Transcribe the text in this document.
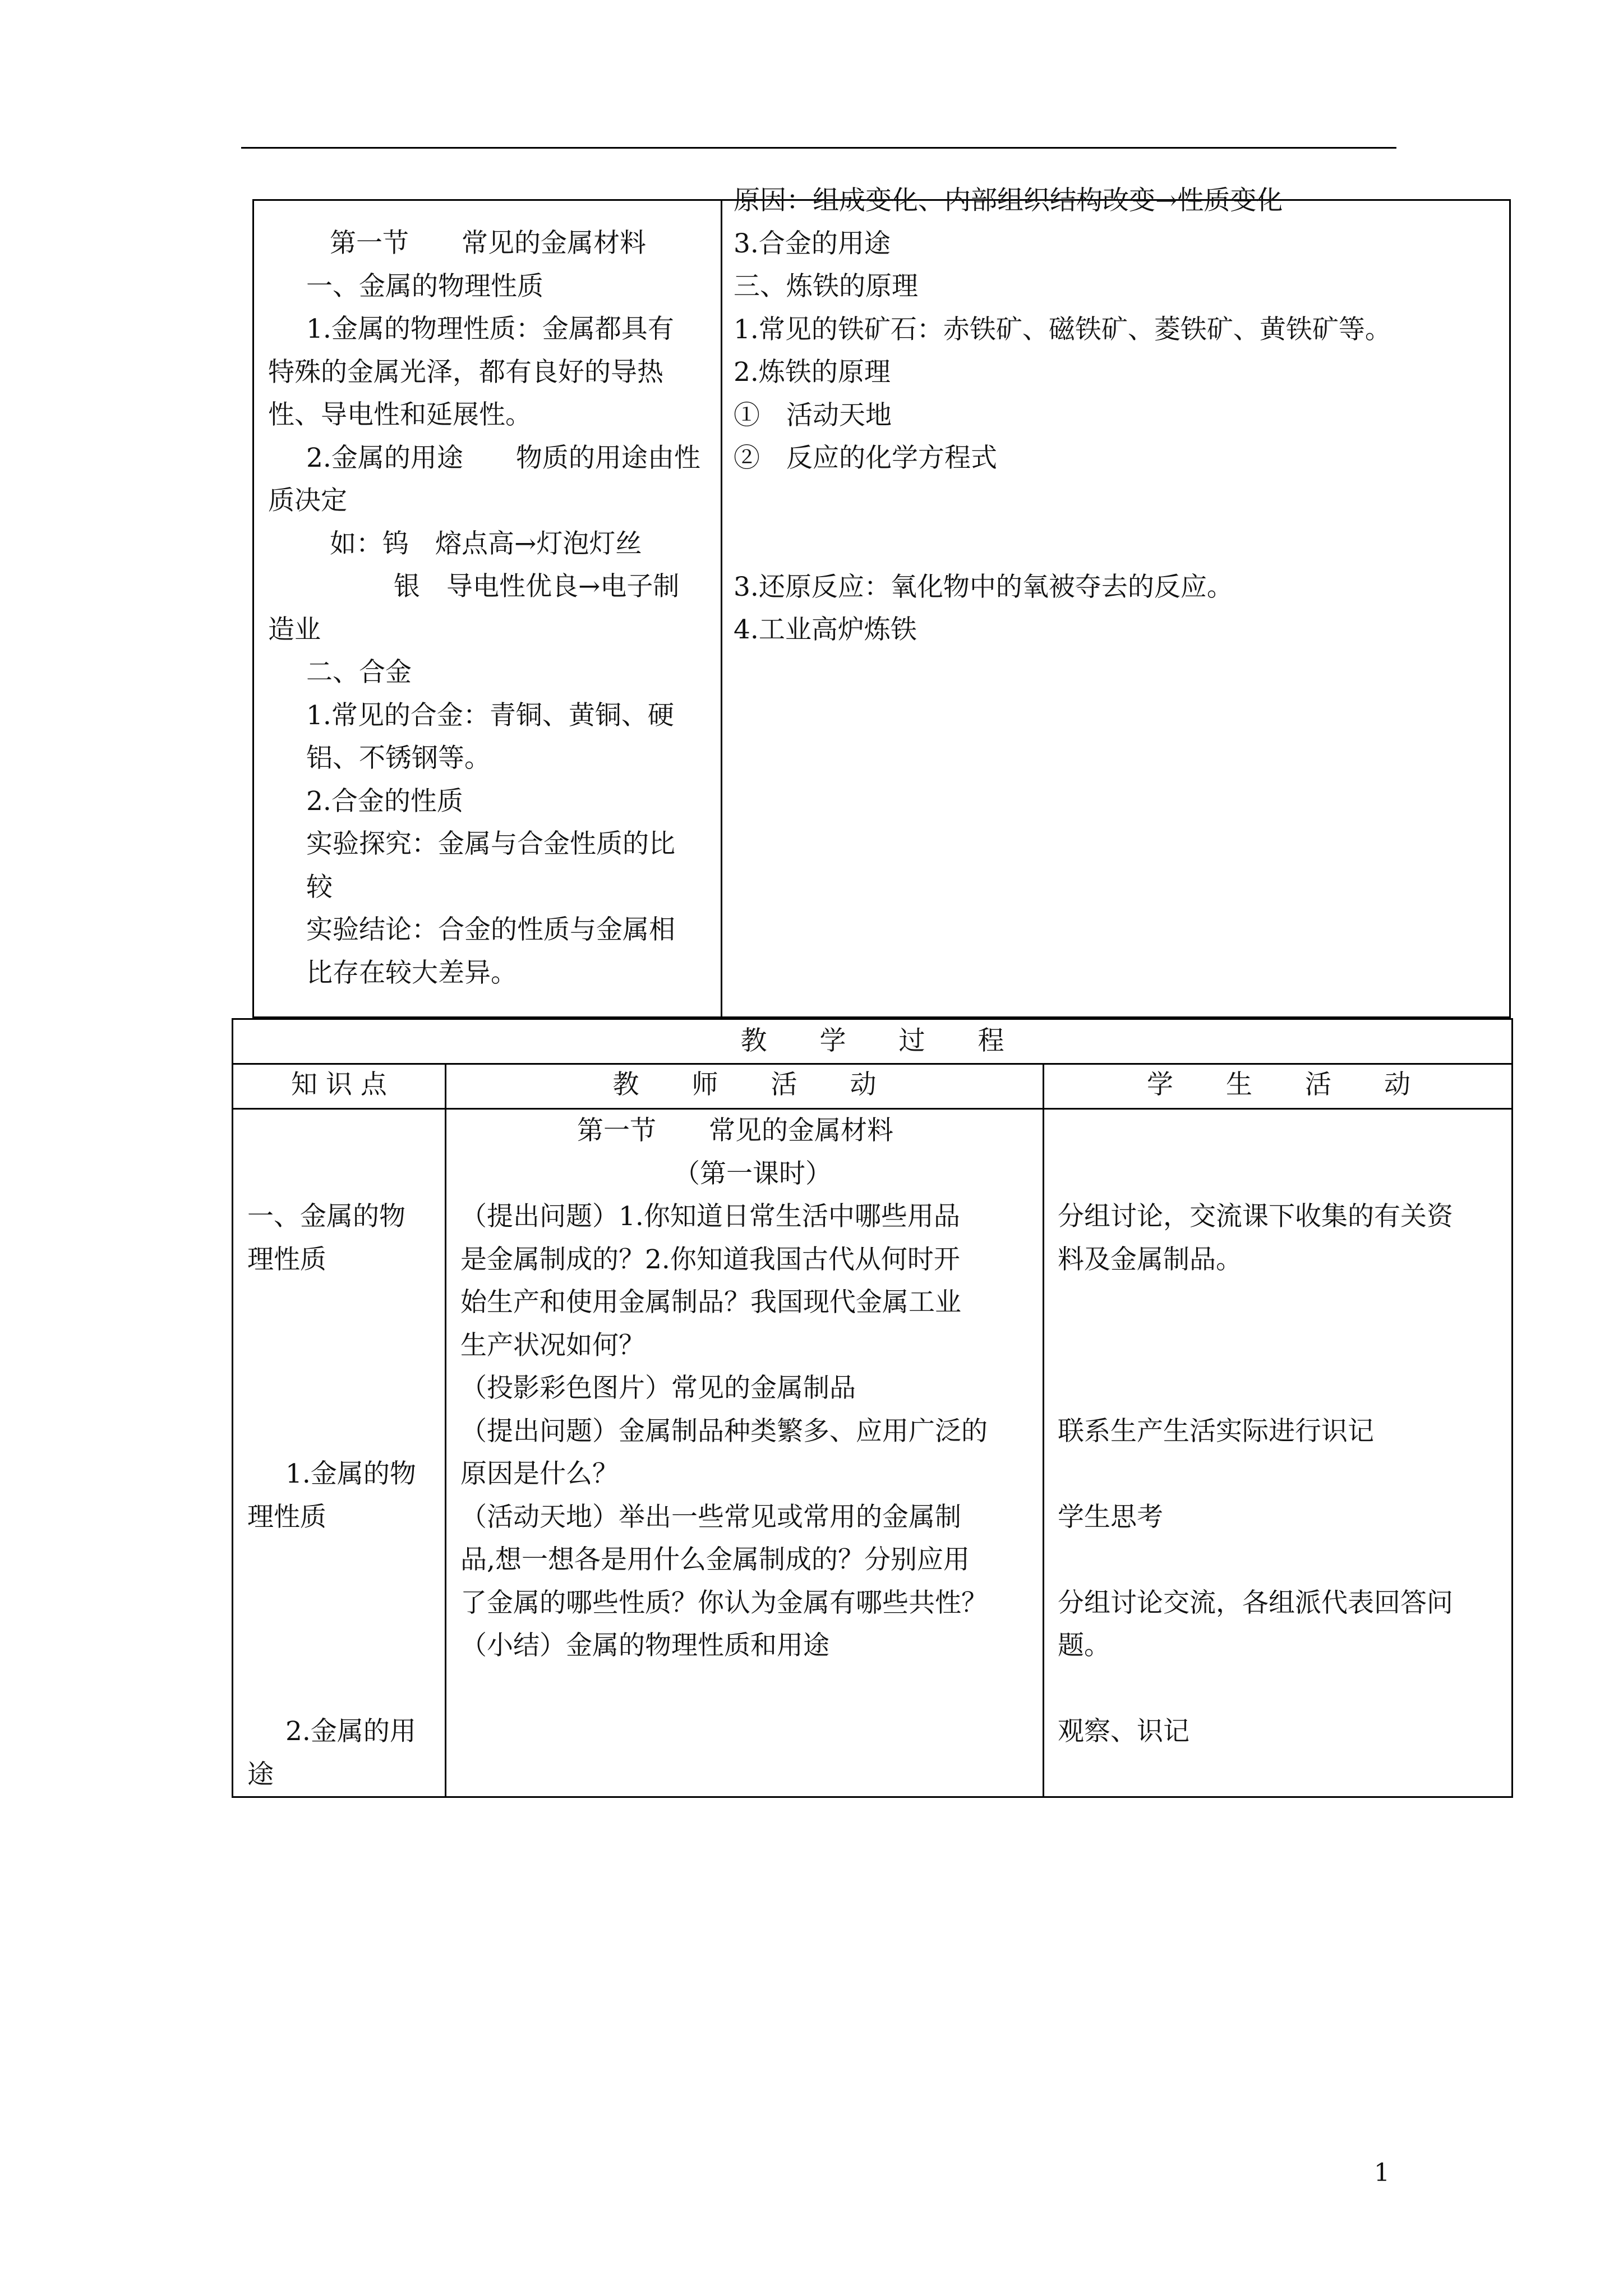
第一节　　常见的金属材料
一、金属的物理性质
1.金属的物理性质：金属都具有
特殊的金属光泽，都有良好的导热
性、导电性和延展性。
2.金属的用途　　物质的用途由性
质决定
如：钨　熔点高→灯泡灯丝
银　导电性优良→电子制
造业
二、合金
1.常见的合金：青铜、黄铜、硬
铝、不锈钢等。
2.合金的性质
实验探究：金属与合金性质的比
较
实验结论：合金的性质与金属相
比存在较大差异。
原因：组成变化、内部组织结构改变→性质变化
3.合金的用途
三、炼铁的原理
1.常见的铁矿石：赤铁矿、磁铁矿、菱铁矿、黄铁矿等。
2.炼铁的原理
①　活动天地
②　反应的化学方程式
3.还原反应：氧化物中的氧被夺去的反应。
4.工业高炉炼铁
教　　学　　过　　程
知 识 点	教　　师　　活　　动	学　　生　　活　　动
一、金属的物
理性质
1.金属的物
理性质
2.金属的用
途
第一节　　常见的金属材料
（第一课时）
（提出问题）1.你知道日常生活中哪些用品
是金属制成的？2.你知道我国古代从何时开
始生产和使用金属制品？我国现代金属工业
生产状况如何？
（投影彩色图片）常见的金属制品
（提出问题）金属制品种类繁多、应用广泛的
原因是什么？
（活动天地）举出一些常见或常用的金属制
品,想一想各是用什么金属制成的？分别应用
了金属的哪些性质？你认为金属有哪些共性？
（小结）金属的物理性质和用途
分组讨论，交流课下收集的有关资
料及金属制品。
联系生产生活实际进行识记
学生思考
分组讨论交流，各组派代表回答问
题。
观察、识记
1
